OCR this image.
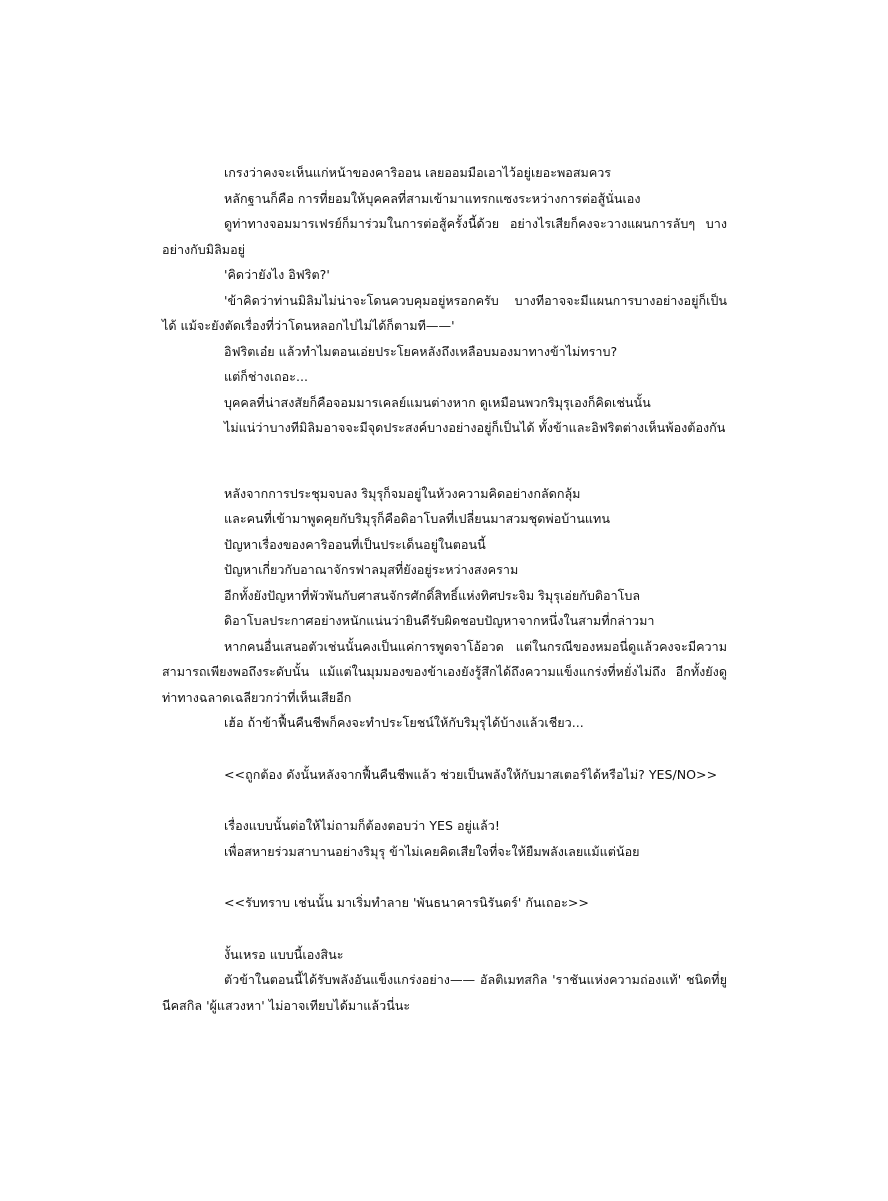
เกรงว่าคงจะเห็นแก่หน้าของคาริออน เลยออมมือเอาไว้อยู่เยอะพอสมควร

หลักฐานก็คือ การที่ยอมให้บุคคลที่สามเข้ามาแทรกแซงระหว่างการต่อสู้นั่นเอง

ดูท่าทางจอมมารเฟรย์ก็มาร่วมในการต่อสู้ครั้งนี้ด้วย อย่างไรเสียก็คงจะวางแผนการลับๆ บางอย่างกับมิลิมอยู่

'คิดว่ายังไง อิฟริต?'

'ข้าคิดว่าท่านมิลิมไม่น่าจะโดนควบคุมอยู่หรอกครับ บางทีอาจจะมีแผนการบางอย่างอยู่ก็เป็นได้ แม้จะยังตัดเรื่องที่ว่าโดนหลอกไปไม่ได้ก็ตามที——'

อิฟริตเอ๋ย แล้วทำไมตอนเอ่ยประโยคหลังถึงเหลือบมองมาทางข้าไม่ทราบ?

แต่ก็ช่างเถอะ...

บุคคลที่น่าสงสัยก็คือจอมมารเคลย์แมนต่างหาก ดูเหมือนพวกริมุรุเองก็คิดเช่นนั้น

ไม่แน่ว่าบางทีมิลิมอาจจะมีจุดประสงค์บางอย่างอยู่ก็เป็นได้ ทั้งข้าและอิฟริตต่างเห็นพ้องต้องกัน

หลังจากการประชุมจบลง ริมุรุก็จมอยู่ในห้วงความคิดอย่างกลัดกลุ้ม

และคนที่เข้ามาพูดคุยกับริมุรุก็คือดิอาโบลที่เปลี่ยนมาสวมชุดพ่อบ้านแทน

ปัญหาเรื่องของคาริออนที่เป็นประเด็นอยู่ในตอนนี้

ปัญหาเกี่ยวกับอาณาจักรฟาลมุสที่ยังอยู่ระหว่างสงคราม

อีกทั้งยังปัญหาที่พัวพันกับศาสนจักรศักดิ์สิทธิ์แห่งทิศประจิม ริมุรุเอ่ยกับดิอาโบล

ดิอาโบลประกาศอย่างหนักแน่นว่ายินดีรับผิดชอบปัญหาจากหนึ่งในสามที่กล่าวมา

หากคนอื่นเสนอตัวเช่นนั้นคงเป็นแค่การพูดจาโอ้อวด แต่ในกรณีของหมอนี่ดูแล้วคงจะมีความสามารถเพียงพอถึงระดับนั้น แม้แต่ในมุมมองของข้าเองยังรู้สึกได้ถึงความแข็งแกร่งที่หยั่งไม่ถึง อีกทั้งยังดูท่าทางฉลาดเฉลียวกว่าที่เห็นเสียอีก

เฮ้อ ถ้าข้าฟื้นคืนชีพก็คงจะทำประโยชน์ให้กับริมุรุได้บ้างแล้วเชียว...

<<ถูกต้อง ดังนั้นหลังจากฟื้นคืนชีพแล้ว ช่วยเป็นพลังให้กับมาสเตอร์ได้หรือไม่? YES/NO>>

เรื่องแบบนั้นต่อให้ไม่ถามก็ต้องตอบว่า YES อยู่แล้ว!

เพื่อสหายร่วมสาบานอย่างริมุรุ ข้าไม่เคยคิดเสียใจที่จะให้ยืมพลังเลยแม้แต่น้อย

<<รับทราบ เช่นนั้น มาเริ่มทำลาย 'พันธนาคารนิรันดร์' กันเถอะ>>

งั้นเหรอ แบบนี้เองสินะ

ตัวข้าในตอนนี้ได้รับพลังอันแข็งแกร่งอย่าง—— อัลติเมทสกิล 'ราชันแห่งความถ่องแท้' ชนิดที่ยูนีคสกิล 'ผู้แสวงหา' ไม่อาจเทียบได้มาแล้วนี่นะ
